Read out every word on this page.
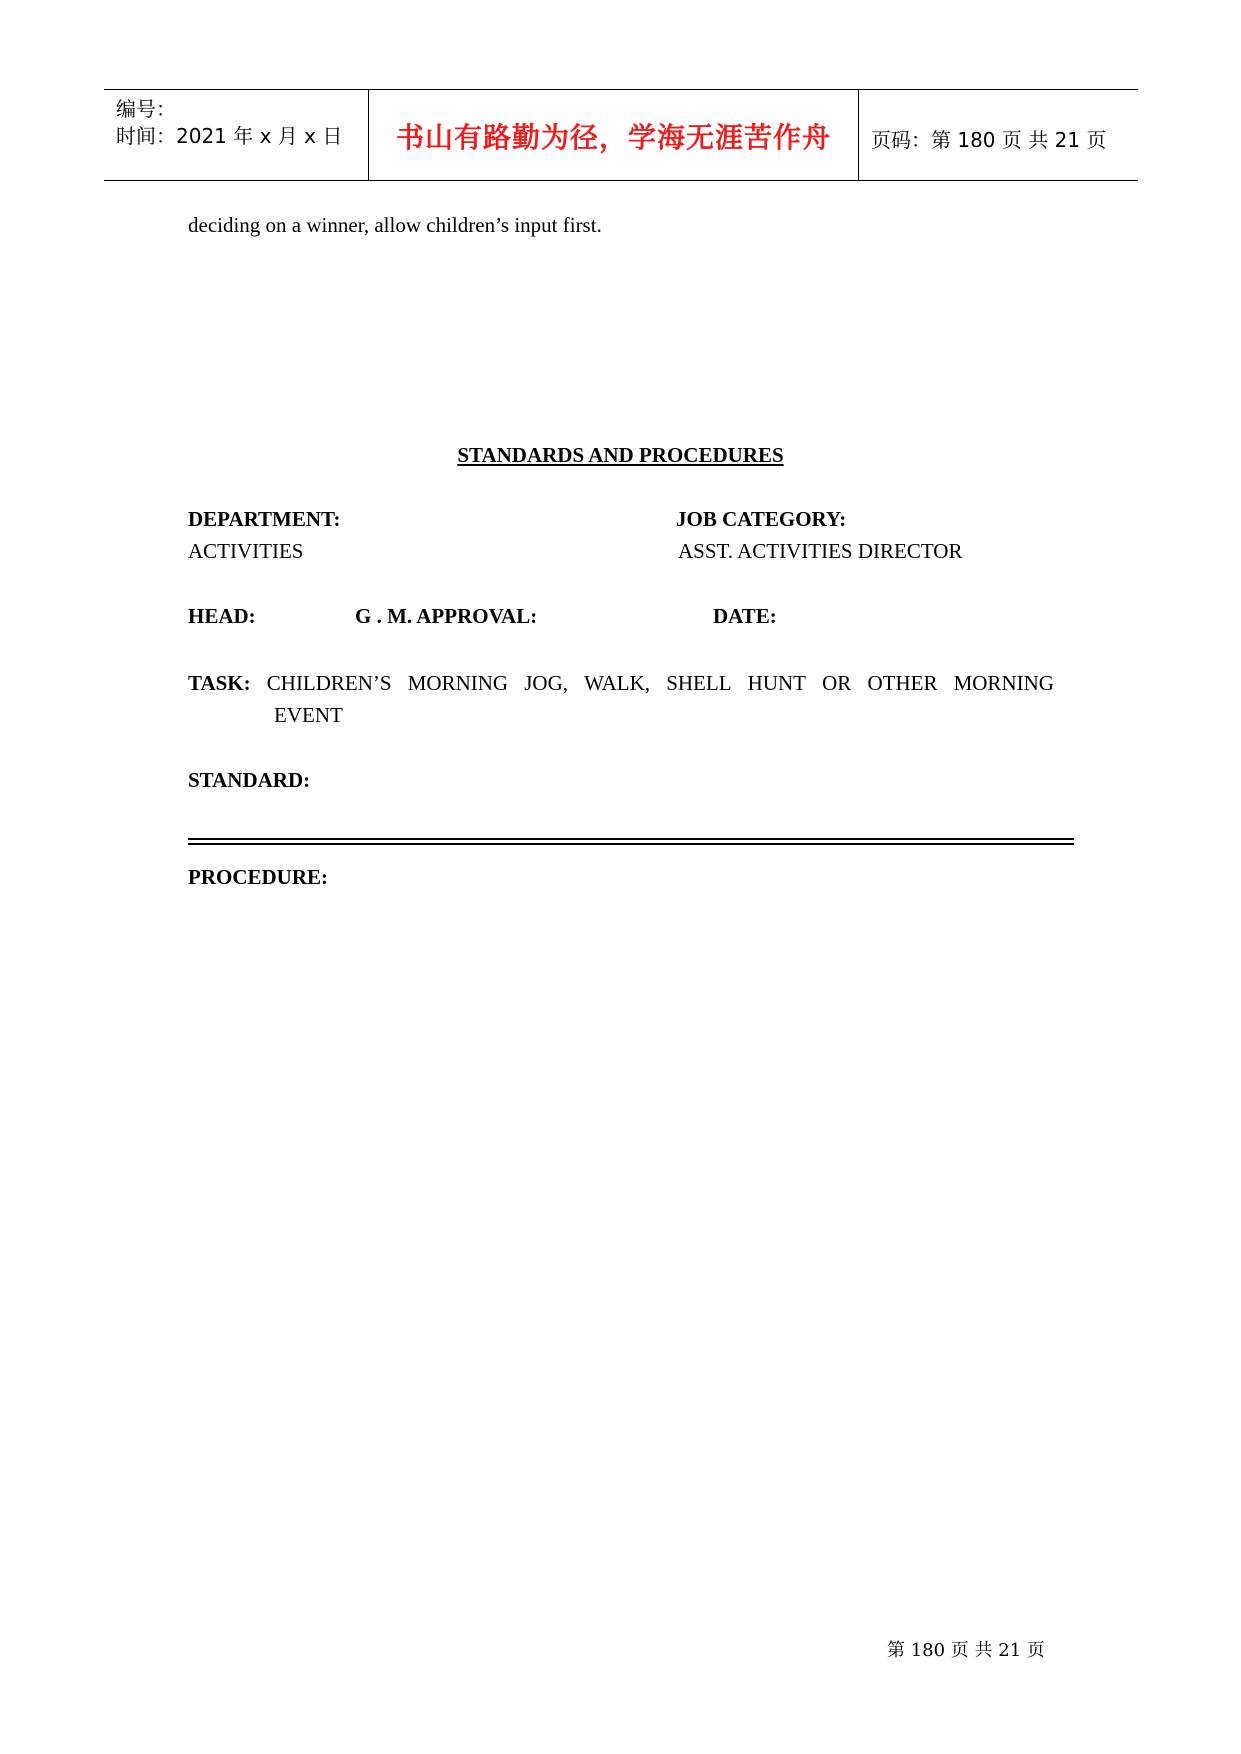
编号：
时间：2021 年 x 月 x 日	书山有路勤为径，学海无涯苦作舟	页码：第 180 页 共 21 页
deciding on a winner, allow children’s input first.
STANDARDS AND PROCEDURES
DEPARTMENT:
ACTIVITIES
JOB CATEGORY:
ASST. ACTIVITIES DIRECTOR
HEAD:	G . M. APPROVAL:	DATE:
TASK: CHILDREN’S MORNING JOG, WALK, SHELL HUNT OR OTHER MORNING
EVENT
STANDARD:
PROCEDURE:
第 180 页 共 21 页
